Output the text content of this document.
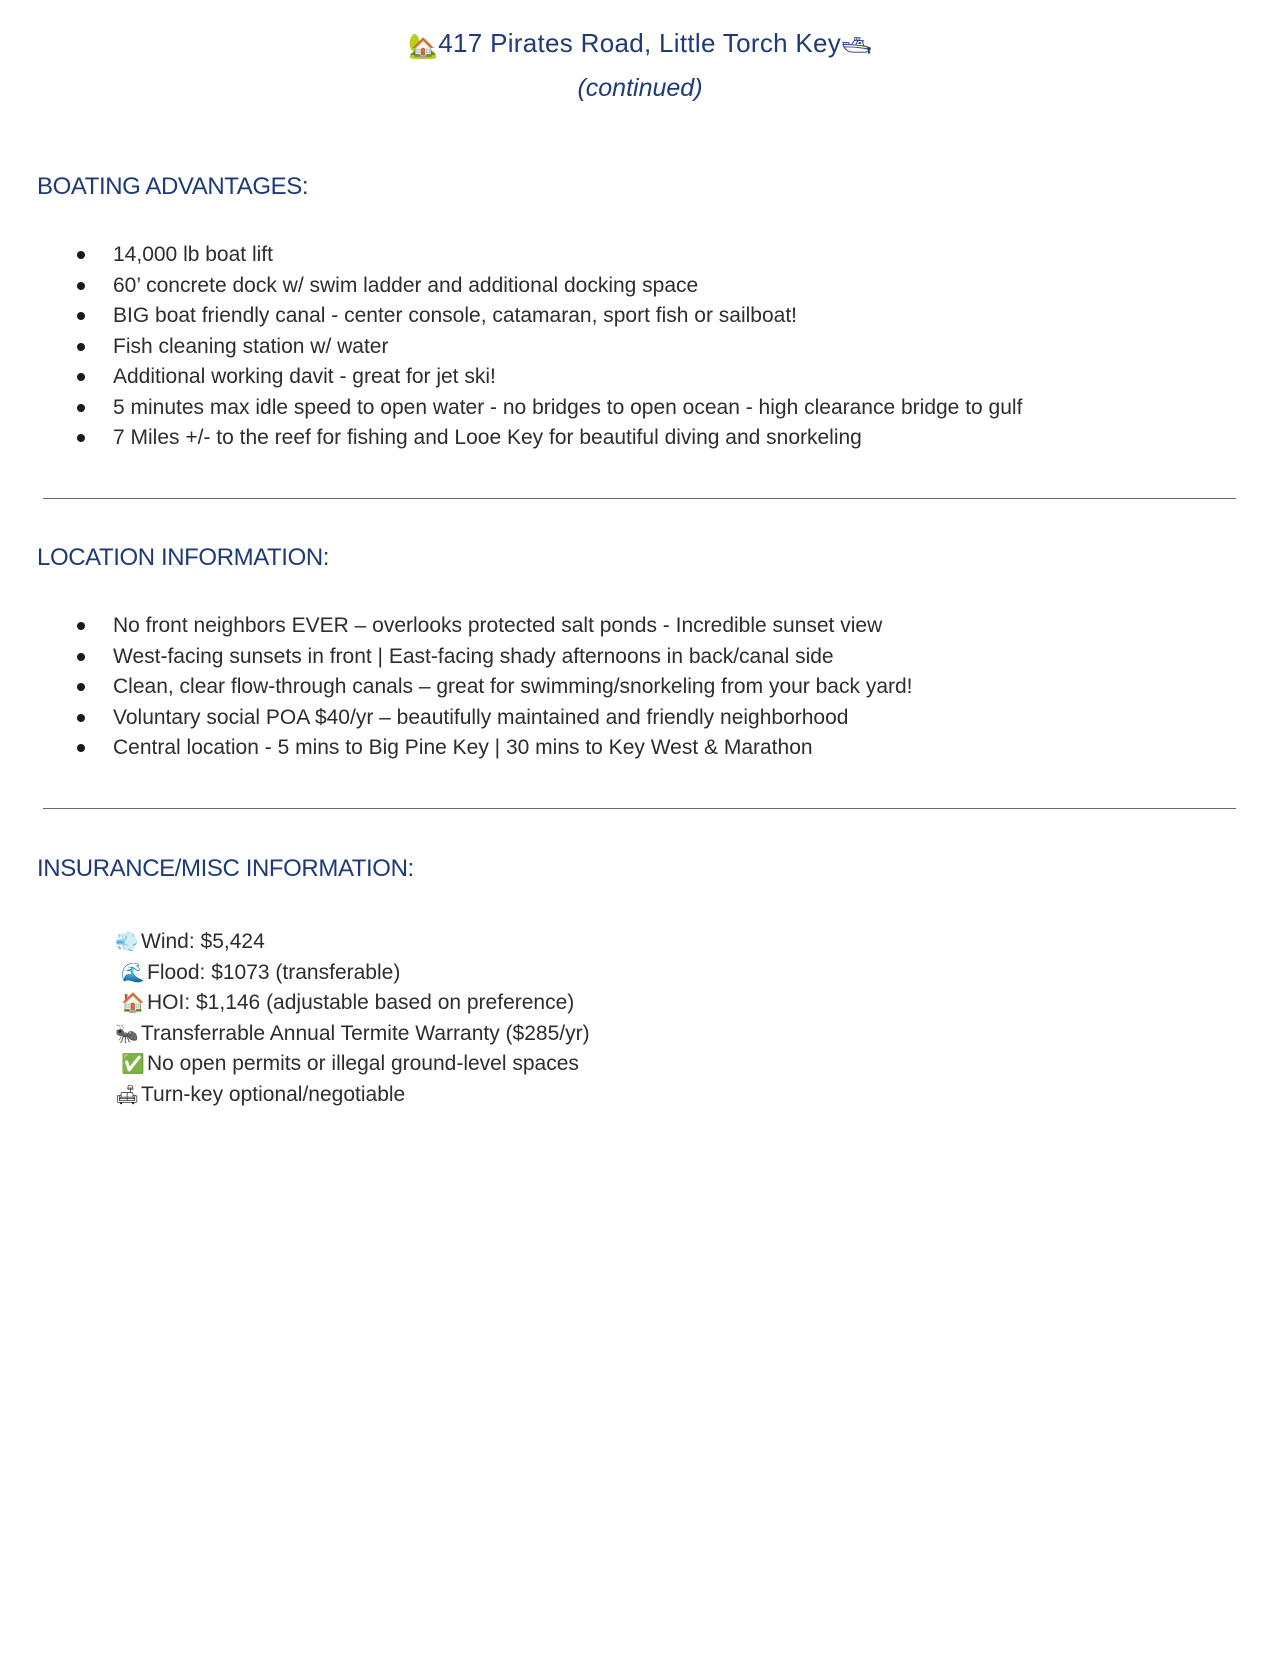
🏡417 Pirates Road, Little Torch Key🛥
(continued)
BOATING ADVANTAGES:
14,000 lb boat lift
60’ concrete dock w/ swim ladder and additional docking space
BIG boat friendly canal - center console, catamaran, sport fish or sailboat!
Fish cleaning station w/ water
Additional working davit - great for jet ski!
5 minutes max idle speed to open water - no bridges to open ocean - high clearance bridge to gulf
7 Miles +/- to the reef for fishing and Looe Key for beautiful diving and snorkeling
LOCATION INFORMATION:
No front neighbors EVER – overlooks protected salt ponds - Incredible sunset view
West-facing sunsets in front | East-facing shady afternoons in back/canal side
Clean, clear flow-through canals – great for swimming/snorkeling from your back yard!
Voluntary social POA $40/yr – beautifully maintained and friendly neighborhood
Central location - 5 mins to Big Pine Key | 30 mins to Key West & Marathon
INSURANCE/MISC INFORMATION:
💨 Wind: $5,424
🌊 Flood: $1073 (transferable)
🏠 HOI: $1,146 (adjustable based on preference)
🐜 Transferrable Annual Termite Warranty ($285/yr)
✅ No open permits or illegal ground-level spaces
🛋Turn-key optional/negotiable
